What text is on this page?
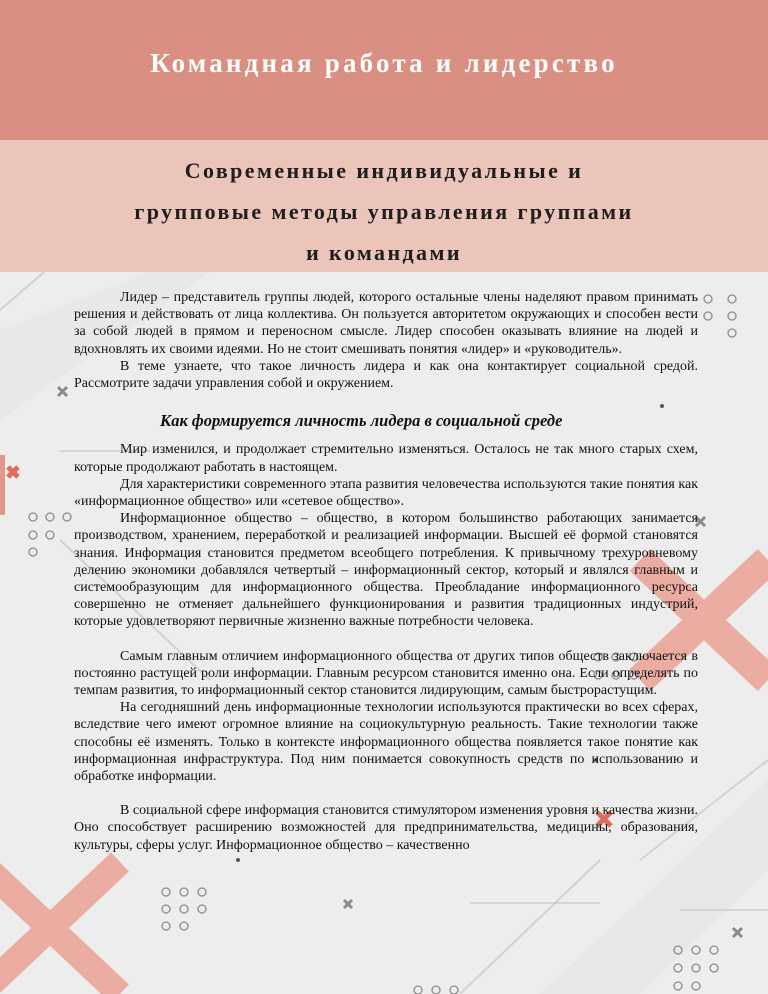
Командная работа и лидерство
Современные индивидуальные и
групповые методы управления группами
и командами

Лидер – представитель группы людей, которого остальные члены наделяют правом принимать решения и действовать от лица коллектива. Он пользуется авторитетом окружающих и способен вести за собой людей в прямом и переносном смысле. Лидер способен оказывать влияние на людей и вдохновлять их своими идеями. Но не стоит смешивать понятия «лидер» и «руководитель».

В теме узнаете, что такое личность лидера и как она контактирует социальной средой. Рассмотрите задачи управления собой и окружением.

Как формируется личность лидера в социальной среде

Мир изменился, и продолжает стремительно изменяться. Осталось не так много старых схем, которые продолжают работать в настоящем.

Для характеристики современного этапа развития человечества используются такие понятия как «информационное общество» или «сетевое общество».

Информационное общество – общество, в котором большинство работающих занимается производством, хранением, переработкой и реализацией информации. Высшей её формой становятся знания. Информация становится предметом всеобщего потребления. К привычному трехуровневому делению экономики добавлялся четвертый – информационный сектор, который и являлся главным и системообразующим для информационного общества. Преобладание информационного ресурса совершенно не отменяет дальнейшего функционирования и развития традиционных индустрий, которые удовлетворяют первичные жизненно важные потребности человека.

Самым главным отличием информационного общества от других типов обществ заключается в постоянно растущей роли информации. Главным ресурсом становится именно она. Если определять по темпам развития, то информационный сектор становится лидирующим, самым быстрорастущим.

На сегодняшний день информационные технологии используются практически во всех сферах, вследствие чего имеют огромное влияние на социокультурную реальность. Такие технологии также способны её изменять. Только в контексте информационного общества появляется такое понятие как информационная инфраструктура. Под ним понимается совокупность средств по использованию и обработке информации.

В социальной сфере информация становится стимулятором изменения уровня и качества жизни. Оно способствует расширению возможностей для предпринимательства, медицины, образования, культуры, сферы услуг. Информационное общество – качественно
